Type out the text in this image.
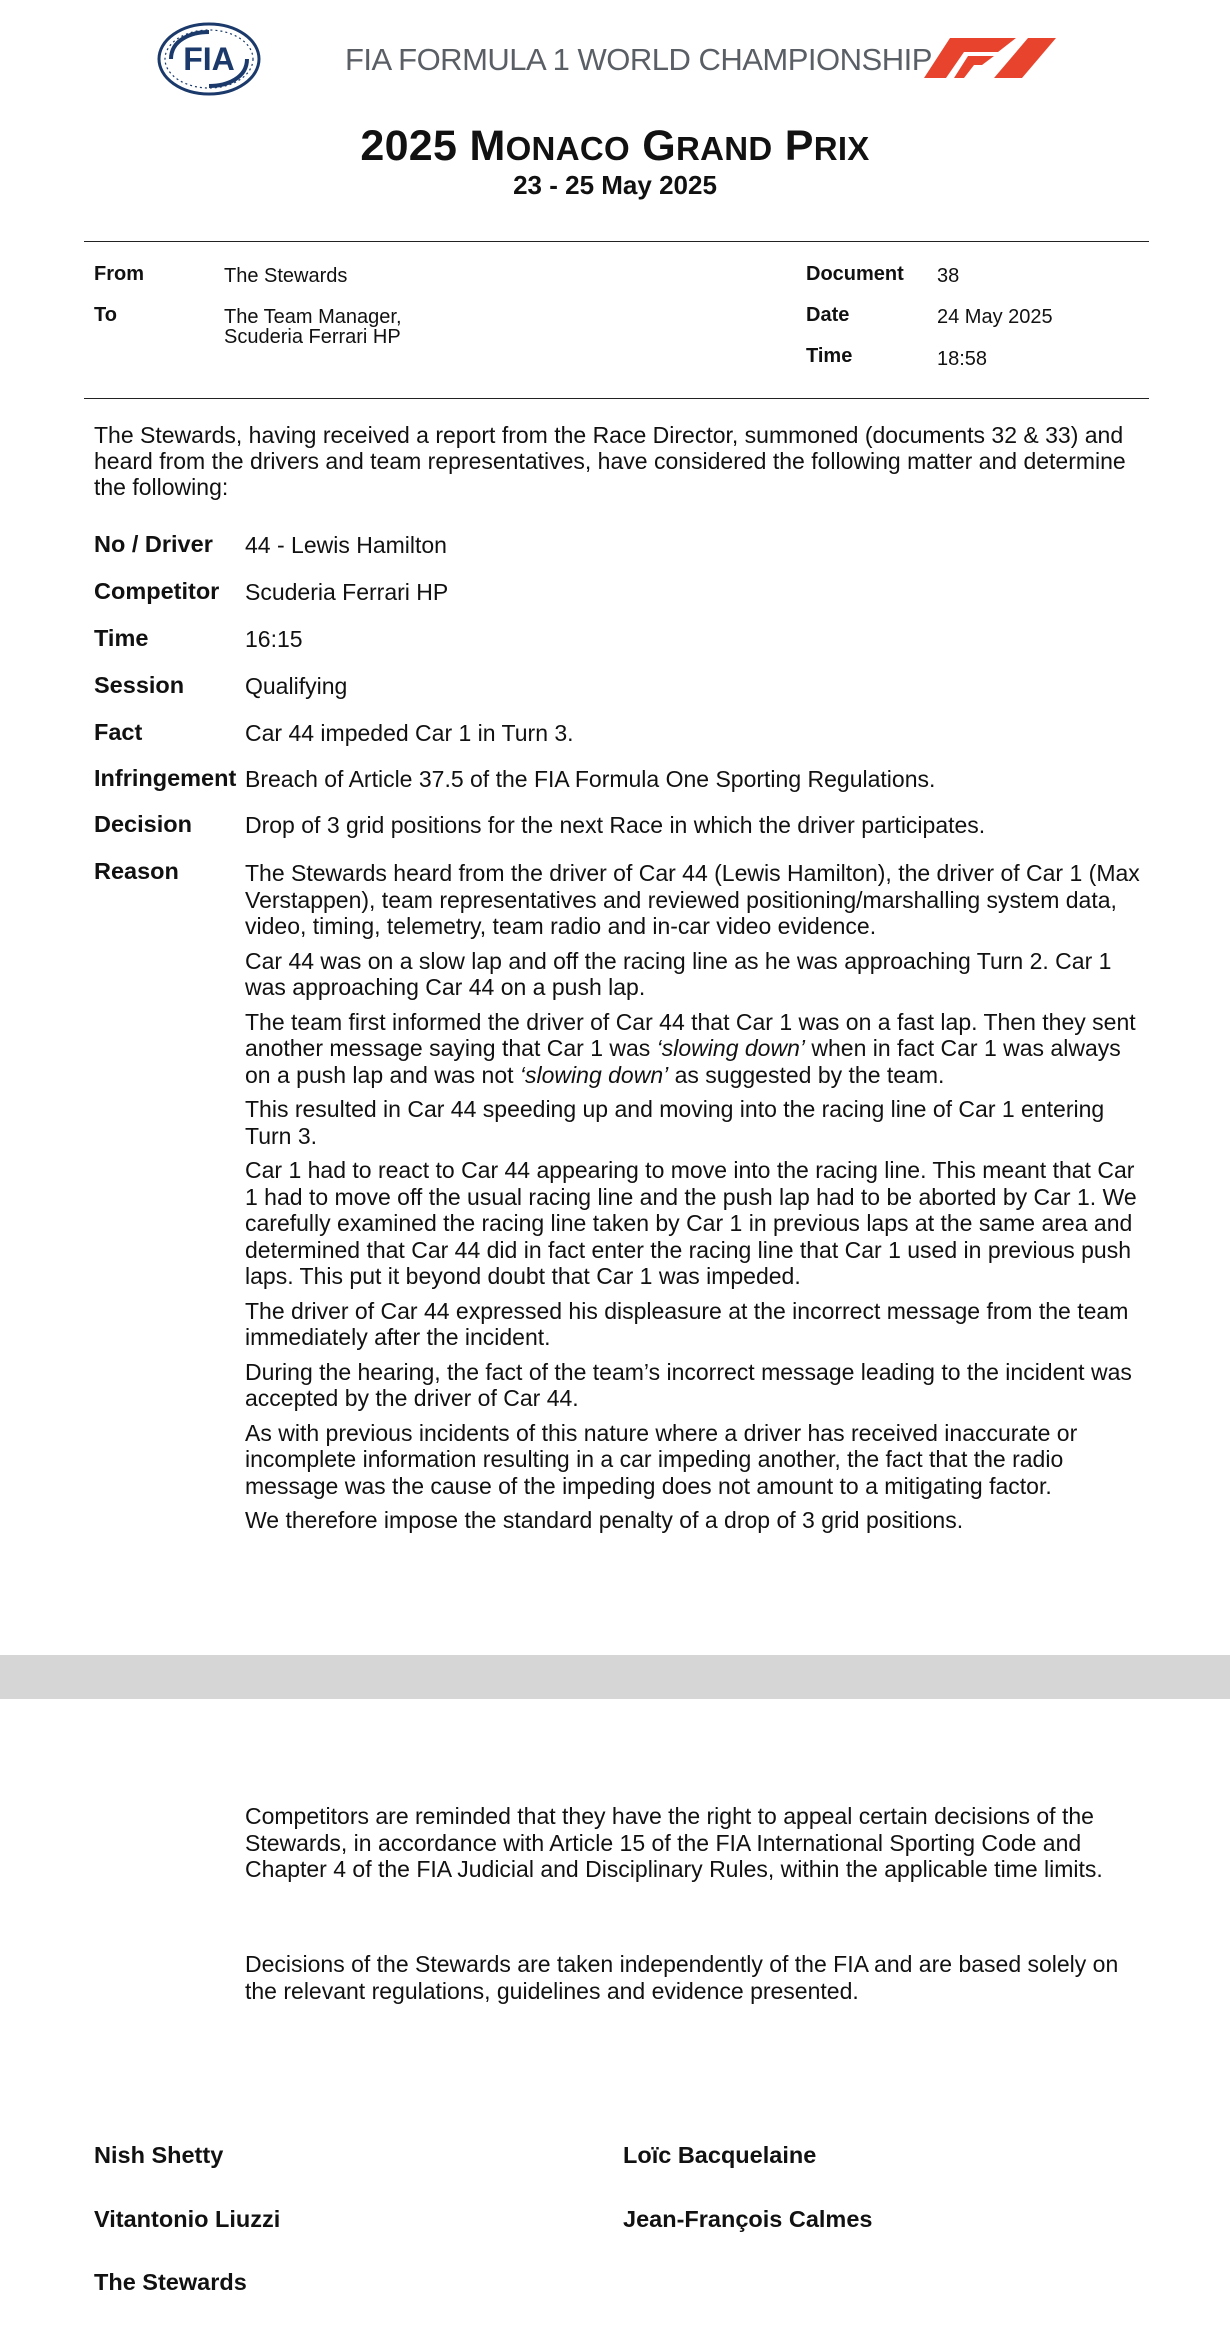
FIA	FIA FORMULA 1 WORLD CHAMPIONSHIP
2025 MONACO GRAND PRIX
23 - 25 May 2025
From	The Stewards
To	The Team Manager,
Scuderia Ferrari HP
Document 38
Date	24 May 2025
Time	18:58
The Stewards, having received a report from the Race Director, summoned (documents 32 & 33) and heard from the drivers and team representatives, have considered the following matter and determine the following:
No / Driver 44 - Lewis Hamilton
Competitor Scuderia Ferrari HP
Time	16:15
Session	Qualifying
Fact	Car 44 impeded Car 1 in Turn 3.
Infringement Breach of Article 37.5 of the FIA Formula One Sporting Regulations.
Decision Drop of 3 grid positions for the next Race in which the driver participates.
Reason	The Stewards heard from the driver of Car 44 (Lewis Hamilton), the driver of Car 1 (Max Verstappen), team representatives and reviewed positioning/marshalling system data, video, timing, telemetry, team radio and in-car video evidence.

Car 44 was on a slow lap and off the racing line as he was approaching Turn 2. Car 1 was approaching Car 44 on a push lap.

The team first informed the driver of Car 44 that Car 1 was on a fast lap. Then they sent another message saying that Car 1 was ‘slowing down’ when in fact Car 1 was always on a push lap and was not ‘slowing down’ as suggested by the team.

This resulted in Car 44 speeding up and moving into the racing line of Car 1 entering Turn 3.

Car 1 had to react to Car 44 appearing to move into the racing line. This meant that Car 1 had to move off the usual racing line and the push lap had to be aborted by Car 1. We carefully examined the racing line taken by Car 1 in previous laps at the same area and determined that Car 44 did in fact enter the racing line that Car 1 used in previous push laps. This put it beyond doubt that Car 1 was impeded.

The driver of Car 44 expressed his displeasure at the incorrect message from the team immediately after the incident.

During the hearing, the fact of the team’s incorrect message leading to the incident was accepted by the driver of Car 44.

As with previous incidents of this nature where a driver has received inaccurate or incomplete information resulting in a car impeding another, the fact that the radio message was the cause of the impeding does not amount to a mitigating factor.

We therefore impose the standard penalty of a drop of 3 grid positions.

Competitors are reminded that they have the right to appeal certain decisions of the Stewards, in accordance with Article 15 of the FIA International Sporting Code and Chapter 4 of the FIA Judicial and Disciplinary Rules, within the applicable time limits.
Decisions of the Stewards are taken independently of the FIA and are based solely on the relevant regulations, guidelines and evidence presented.
Nish Shetty	Loïc Bacquelaine
Vitantonio Liuzzi	Jean-François Calmes
The Stewards
